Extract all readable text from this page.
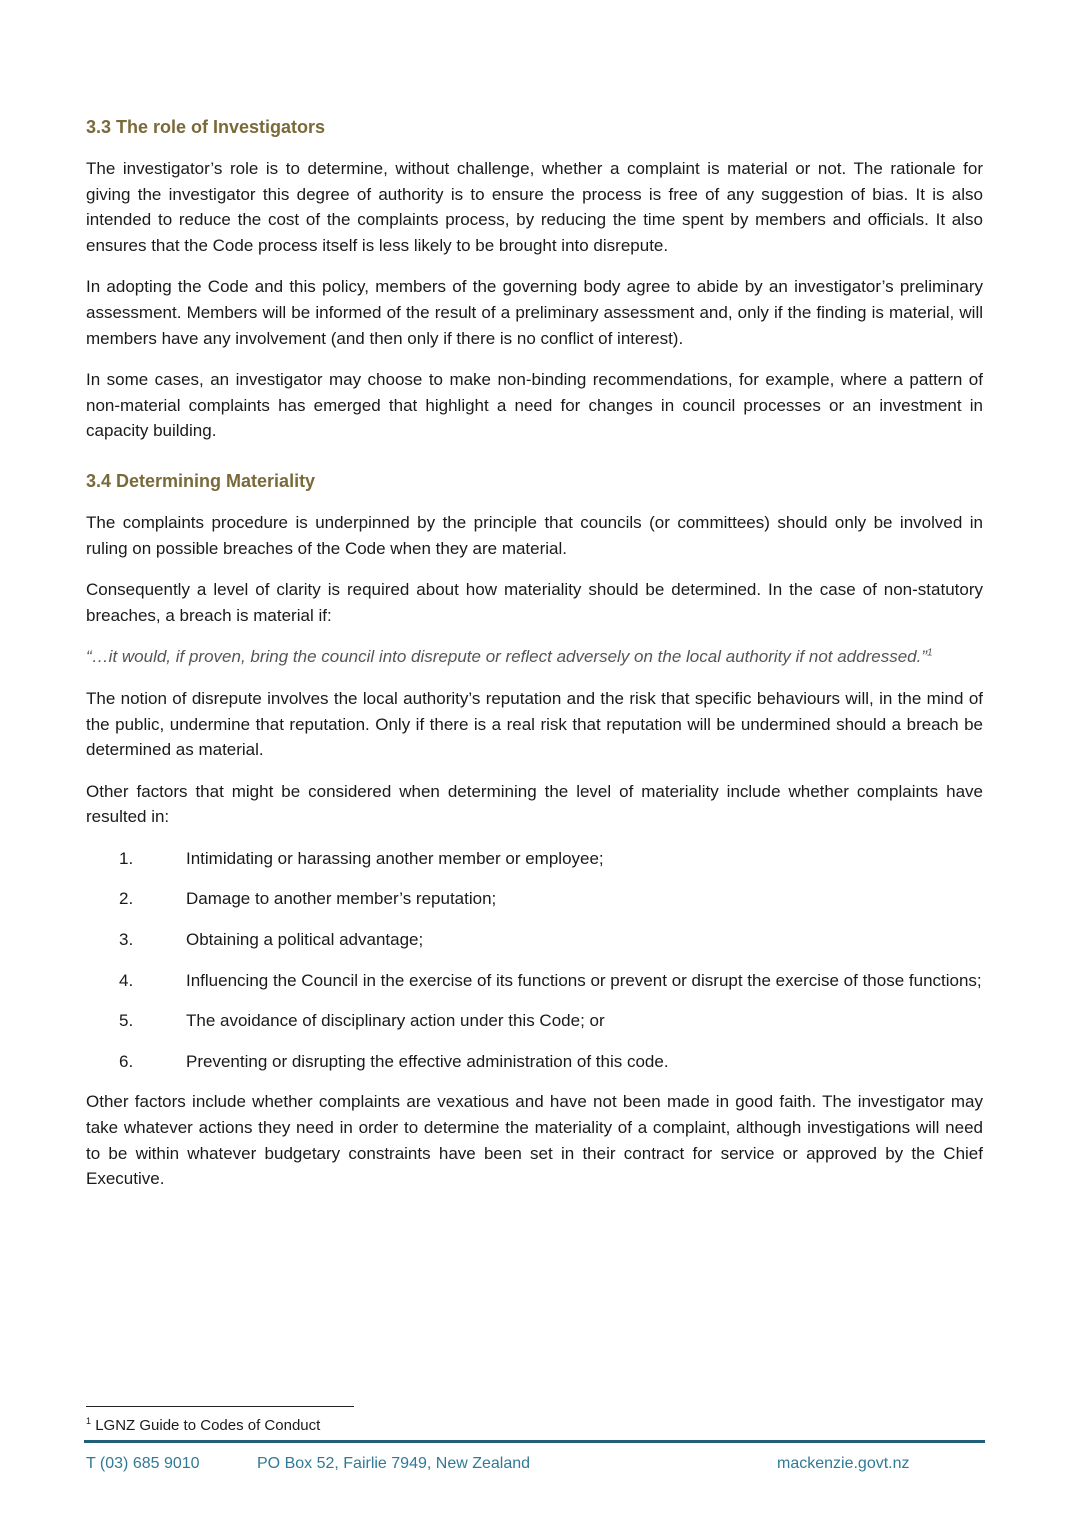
3.3 The role of Investigators

The investigator’s role is to determine, without challenge, whether a complaint is material or not. The rationale for giving the investigator this degree of authority is to ensure the process is free of any suggestion of bias. It is also intended to reduce the cost of the complaints process, by reducing the time spent by members and officials. It also ensures that the Code process itself is less likely to be brought into disrepute.

In adopting the Code and this policy, members of the governing body agree to abide by an investigator’s preliminary assessment. Members will be informed of the result of a preliminary assessment and, only if the finding is material, will members have any involvement (and then only if there is no conflict of interest).

In some cases, an investigator may choose to make non-binding recommendations, for example, where a pattern of non-material complaints has emerged that highlight a need for changes in council processes or an investment in capacity building.

3.4 Determining Materiality

The complaints procedure is underpinned by the principle that councils (or committees) should only be involved in ruling on possible breaches of the Code when they are material.

Consequently a level of clarity is required about how materiality should be determined. In the case of non-statutory breaches, a breach is material if:

“…it would, if proven, bring the council into disrepute or reflect adversely on the local authority if not addressed.”$^1$

The notion of disrepute involves the local authority’s reputation and the risk that specific behaviours will, in the mind of the public, undermine that reputation. Only if there is a real risk that reputation will be undermined should a breach be determined as material.

Other factors that might be considered when determining the level of materiality include whether complaints have resulted in:

1.	Intimidating or harassing another member or employee;
2.	Damage to another member’s reputation;
3.	Obtaining a political advantage;
4.	Influencing the Council in the exercise of its functions or prevent or disrupt the exercise of those functions;
5.	The avoidance of disciplinary action under this Code; or
6.	Preventing or disrupting the effective administration of this code.

Other factors include whether complaints are vexatious and have not been made in good faith. The investigator may take whatever actions they need in order to determine the materiality of a complaint, although investigations will need to be within whatever budgetary constraints have been set in their contract for service or approved by the Chief Executive.

$^1$ LGNZ Guide to Codes of Conduct
T (03) 685 9010	PO Box 52, Fairlie 7949, New Zealand	mackenzie.govt.nz
